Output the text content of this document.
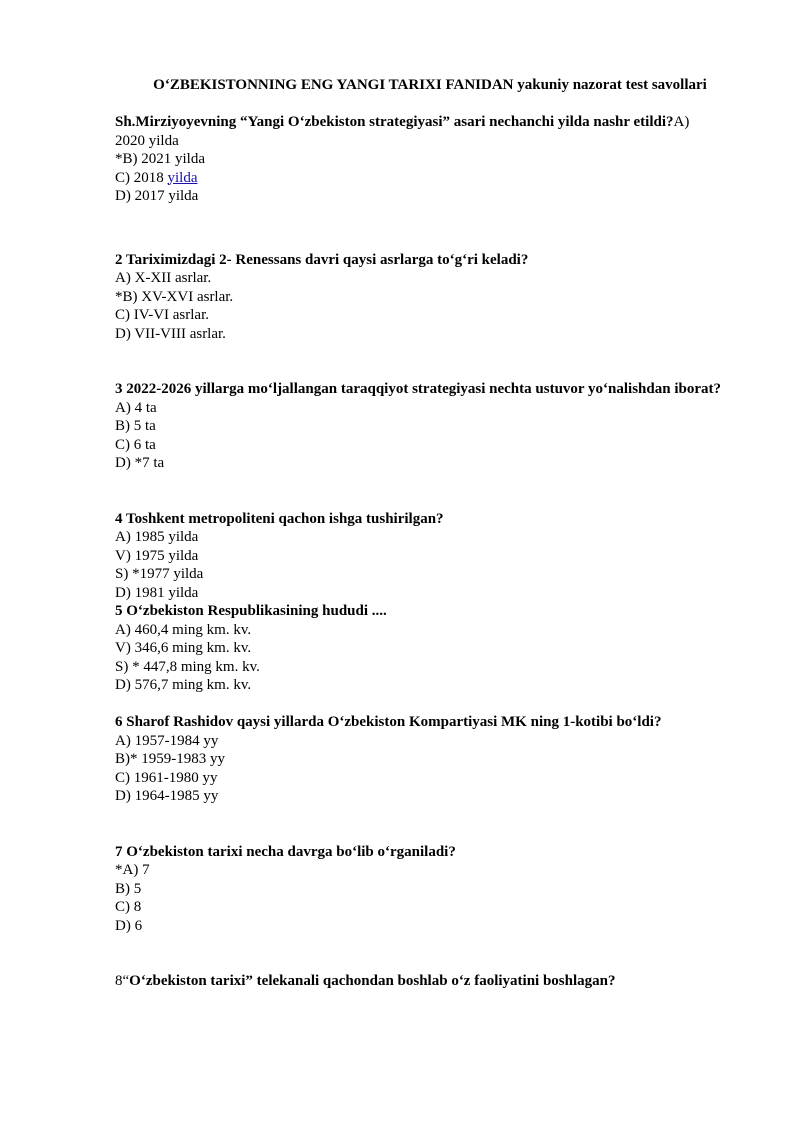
O‘ZBEKISTONNING ENG YANGI TARIXI FANIDAN yakuniy nazorat test savollari
Sh.Mirziyoyevning “Yangi O‘zbekiston strategiyasi” asari nechanchi yilda nashr etildi?A)
2020 yilda
*B) 2021 yilda
C) 2018 yilda
D) 2017 yilda
2 Tariximizdagi 2- Renessans davri qaysi asrlarga to‘g‘ri keladi?
A) X-XII asrlar.
*B) XV-XVI asrlar.
C) IV-VI asrlar.
D) VII-VIII asrlar.
3 2022-2026 yillarga mo‘ljallangan taraqqiyot strategiyasi nechta ustuvor yo‘nalishdan iborat?
A) 4 ta
B) 5 ta
C) 6 ta
D) *7 ta
4 Toshkent metropoliteni qachon ishga tushirilgan?
A) 1985 yilda
V) 1975 yilda
S) *1977 yilda
D) 1981 yilda
5 O‘zbekiston Respublikasining hududi ....
A) 460,4 ming km. kv.
V) 346,6 ming km. kv.
S) * 447,8 ming km. kv.
D) 576,7 ming km. kv.
6 Sharof Rashidov qaysi yillarda O‘zbekiston Kompartiyasi MK ning 1-kotibi bo‘ldi?
A) 1957-1984 yy
B)* 1959-1983 yy
C) 1961-1980 yy
D) 1964-1985 yy
7 O‘zbekiston tarixi necha davrga bo‘lib o‘rganiladi?
*A) 7
B) 5
C) 8
D) 6
8“O‘zbekiston tarixi” telekanali qachondan boshlab o‘z faoliyatini boshlagan?
